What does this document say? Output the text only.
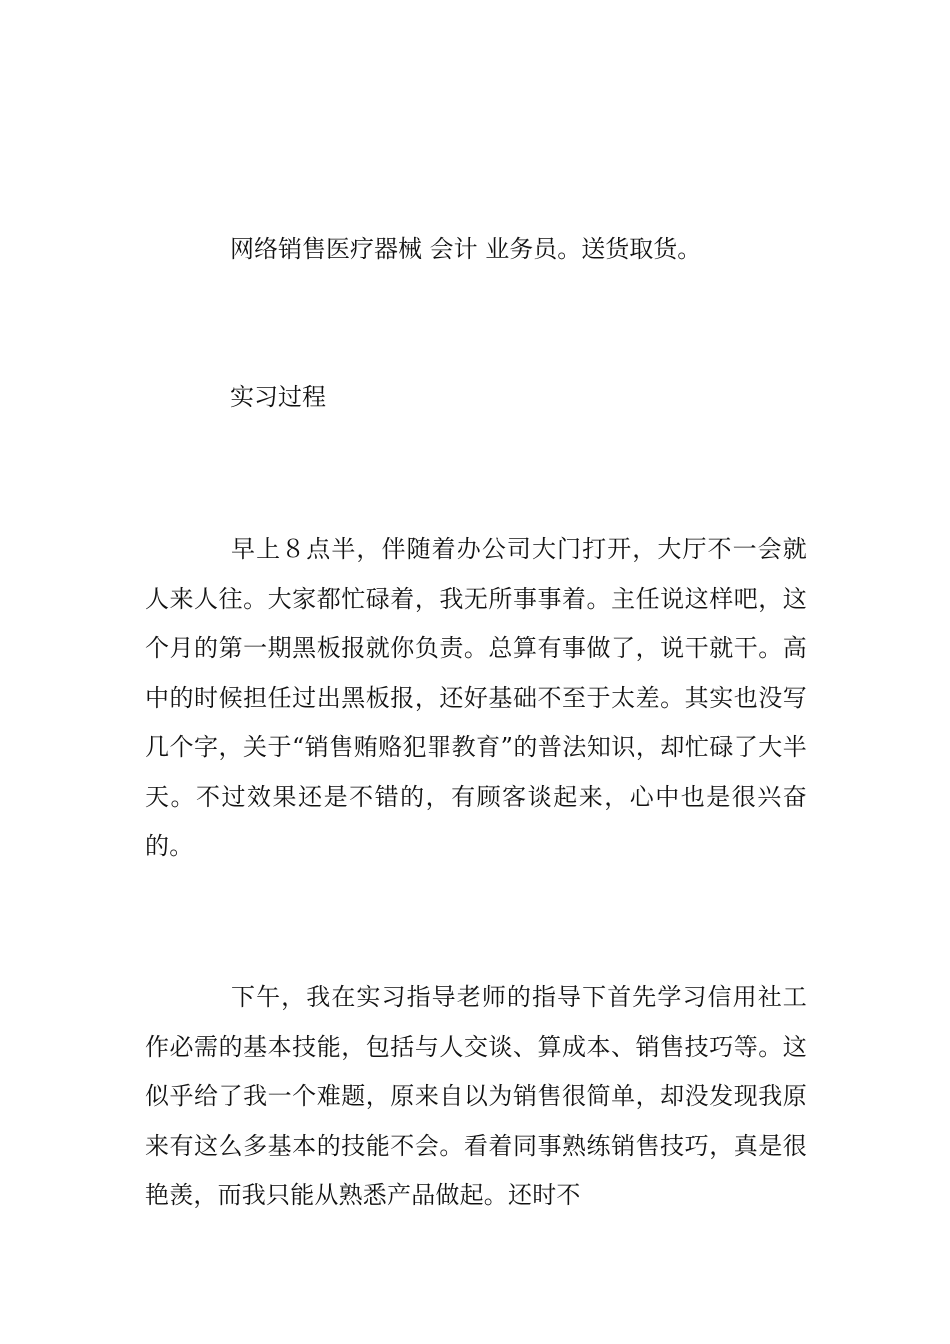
网络销售医疗器械 会计 业务员。送货取货。

实习过程

早上８点半，伴随着办公司大门打开，大厅不一会就人来人往。大家都忙碌着，我无所事事着。主任说这样吧，这个月的第一期黑板报就你负责。总算有事做了，说干就干。高中的时候担任过出黑板报，还好基础不至于太差。其实也没写几个字，关于“销售贿赂犯罪教育”的普法知识，却忙碌了大半天。不过效果还是不错的，有顾客谈起来，心中也是很兴奋的。

下午，我在实习指导老师的指导下首先学习信用社工作必需的基本技能，包括与人交谈、算成本、销售技巧等。这似乎给了我一个难题，原来自以为销售很简单，却没发现我原来有这么多基本的技能不会。看着同事熟练销售技巧，真是很艳羡，而我只能从熟悉产品做起。还时不
